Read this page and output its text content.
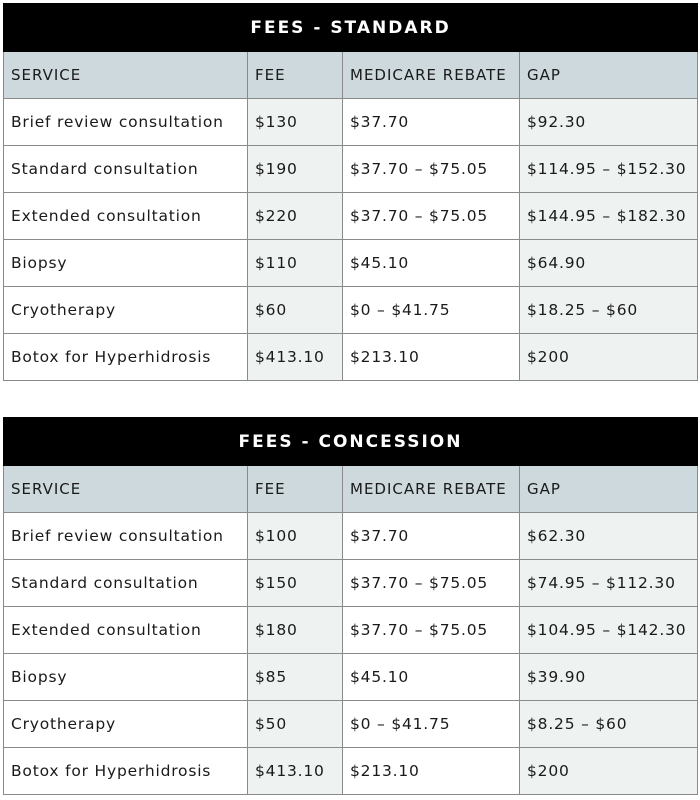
FEES - STANDARD			
SERVICE	FEE	MEDICARE REBATE	GAP
Brief review consultation	$130	$37.70	$92.30
Standard consultation	$190	$37.70 – $75.05	$114.95 – $152.30
Extended consultation	$220	$37.70 – $75.05	$144.95 – $182.30
Biopsy	$110	$45.10	$64.90
Cryotherapy	$60	$0 – $41.75	$18.25 – $60
Botox for Hyperhidrosis	$413.10	$213.10	$200
FEES - CONCESSION			
SERVICE	FEE	MEDICARE REBATE	GAP
Brief review consultation	$100	$37.70	$62.30
Standard consultation	$150	$37.70 – $75.05	$74.95 – $112.30
Extended consultation	$180	$37.70 – $75.05	$104.95 – $142.30
Biopsy	$85	$45.10	$39.90
Cryotherapy	$50	$0 – $41.75	$8.25 – $60
Botox for Hyperhidrosis	$413.10	$213.10	$200
